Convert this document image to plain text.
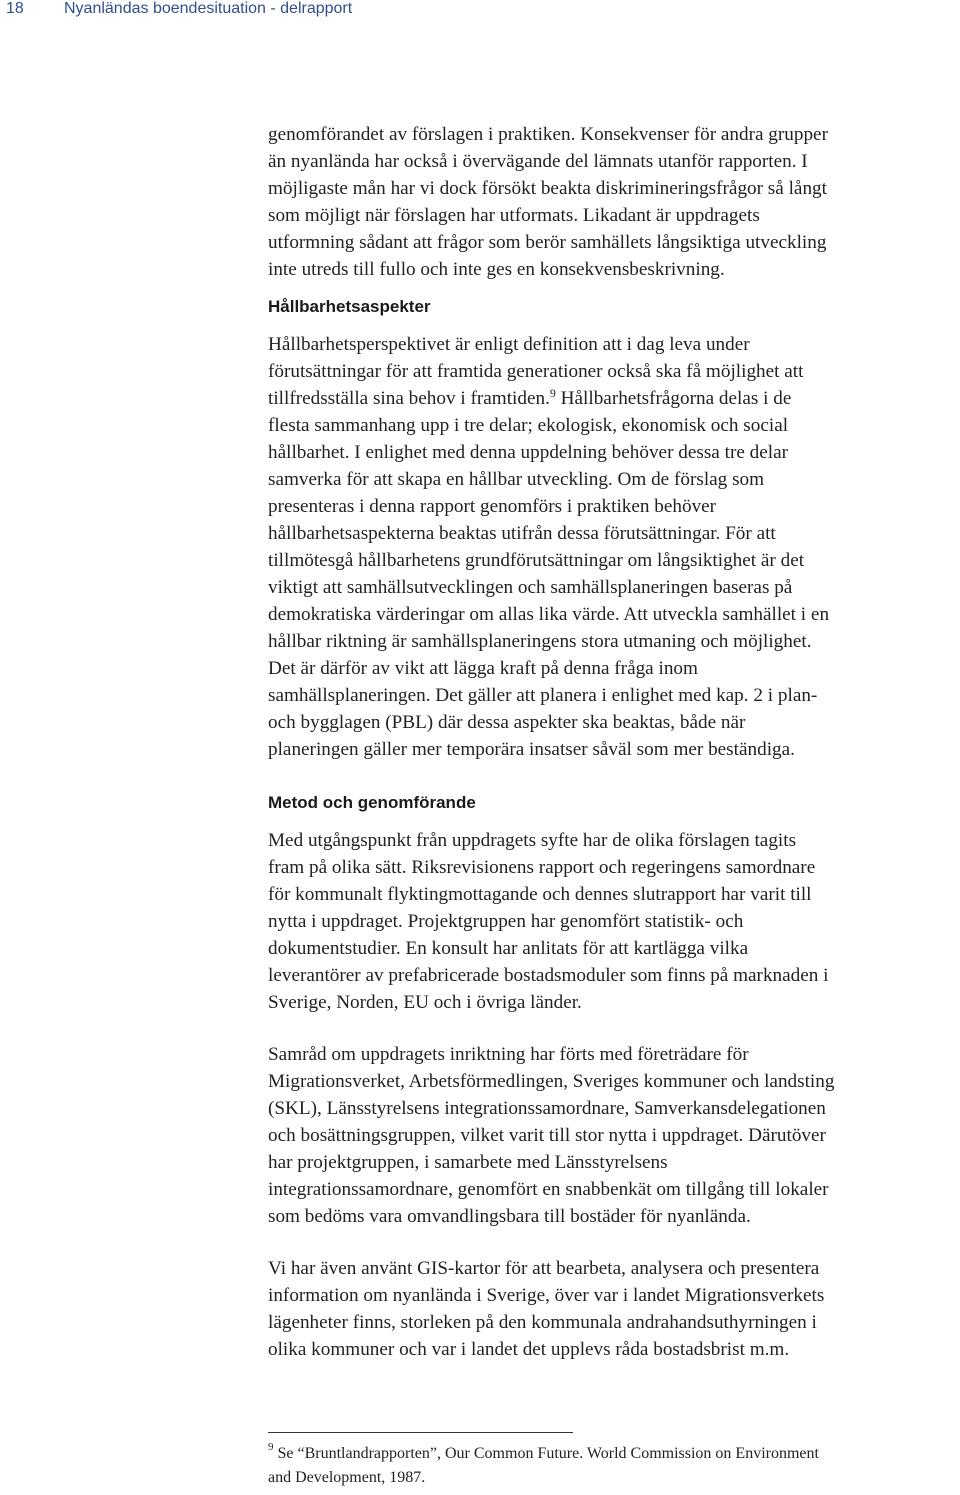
18	Nyanländas boendesituation - delrapport

genomförandet av förslagen i praktiken. Konsekvenser för andra grupper
än nyanlända har också i övervägande del lämnats utanför rapporten. I
möjligaste mån har vi dock försökt beakta diskrimineringsfrågor så långt
som möjligt när förslagen har utformats. Likadant är uppdragets
utformning sådant att frågor som berör samhällets långsiktiga utveckling
inte utreds till fullo och inte ges en konsekvensbeskrivning.

Hållbarhetsaspekter

Hållbarhetsperspektivet är enligt definition att i dag leva under
förutsättningar för att framtida generationer också ska få möjlighet att
tillfredsställa sina behov i framtiden.$^9$ Hållbarhetsfrågorna delas i de
flesta sammanhang upp i tre delar; ekologisk, ekonomisk och social
hållbarhet. I enlighet med denna uppdelning behöver dessa tre delar
samverka för att skapa en hållbar utveckling. Om de förslag som
presenteras i denna rapport genomförs i praktiken behöver
hållbarhetsaspekterna beaktas utifrån dessa förutsättningar. För att
tillmötesgå hållbarhetens grundförutsättningar om långsiktighet är det
viktigt att samhällsutvecklingen och samhällsplaneringen baseras på
demokratiska värderingar om allas lika värde. Att utveckla samhället i en
hållbar riktning är samhällsplaneringens stora utmaning och möjlighet.
Det är därför av vikt att lägga kraft på denna fråga inom
samhällsplaneringen. Det gäller att planera i enlighet med kap. 2 i plan-
och bygglagen (PBL) där dessa aspekter ska beaktas, både när
planeringen gäller mer temporära insatser såväl som mer beständiga.

Metod och genomförande

Med utgångspunkt från uppdragets syfte har de olika förslagen tagits
fram på olika sätt. Riksrevisionens rapport och regeringens samordnare
för kommunalt flyktingmottagande och dennes slutrapport har varit till
nytta i uppdraget. Projektgruppen har genomfört statistik- och
dokumentstudier. En konsult har anlitats för att kartlägga vilka
leverantörer av prefabricerade bostadsmoduler som finns på marknaden i
Sverige, Norden, EU och i övriga länder.

Samråd om uppdragets inriktning har förts med företrädare för
Migrationsverket, Arbetsförmedlingen, Sveriges kommuner och landsting
(SKL), Länsstyrelsens integrationssamordnare, Samverkansdelegationen
och bosättningsgruppen, vilket varit till stor nytta i uppdraget. Därutöver
har projektgruppen, i samarbete med Länsstyrelsens
integrationssamordnare, genomfört en snabbenkät om tillgång till lokaler
som bedöms vara omvandlingsbara till bostäder för nyanlända.

Vi har även använt GIS-kartor för att bearbeta, analysera och presentera
information om nyanlända i Sverige, över var i landet Migrationsverkets
lägenheter finns, storleken på den kommunala andrahandsuthyrningen i
olika kommuner och var i landet det upplevs råda bostadsbrist m.m.

$^9$ Se “Bruntlandrapporten”, Our Common Future. World Commission on Environment
and Development, 1987.
